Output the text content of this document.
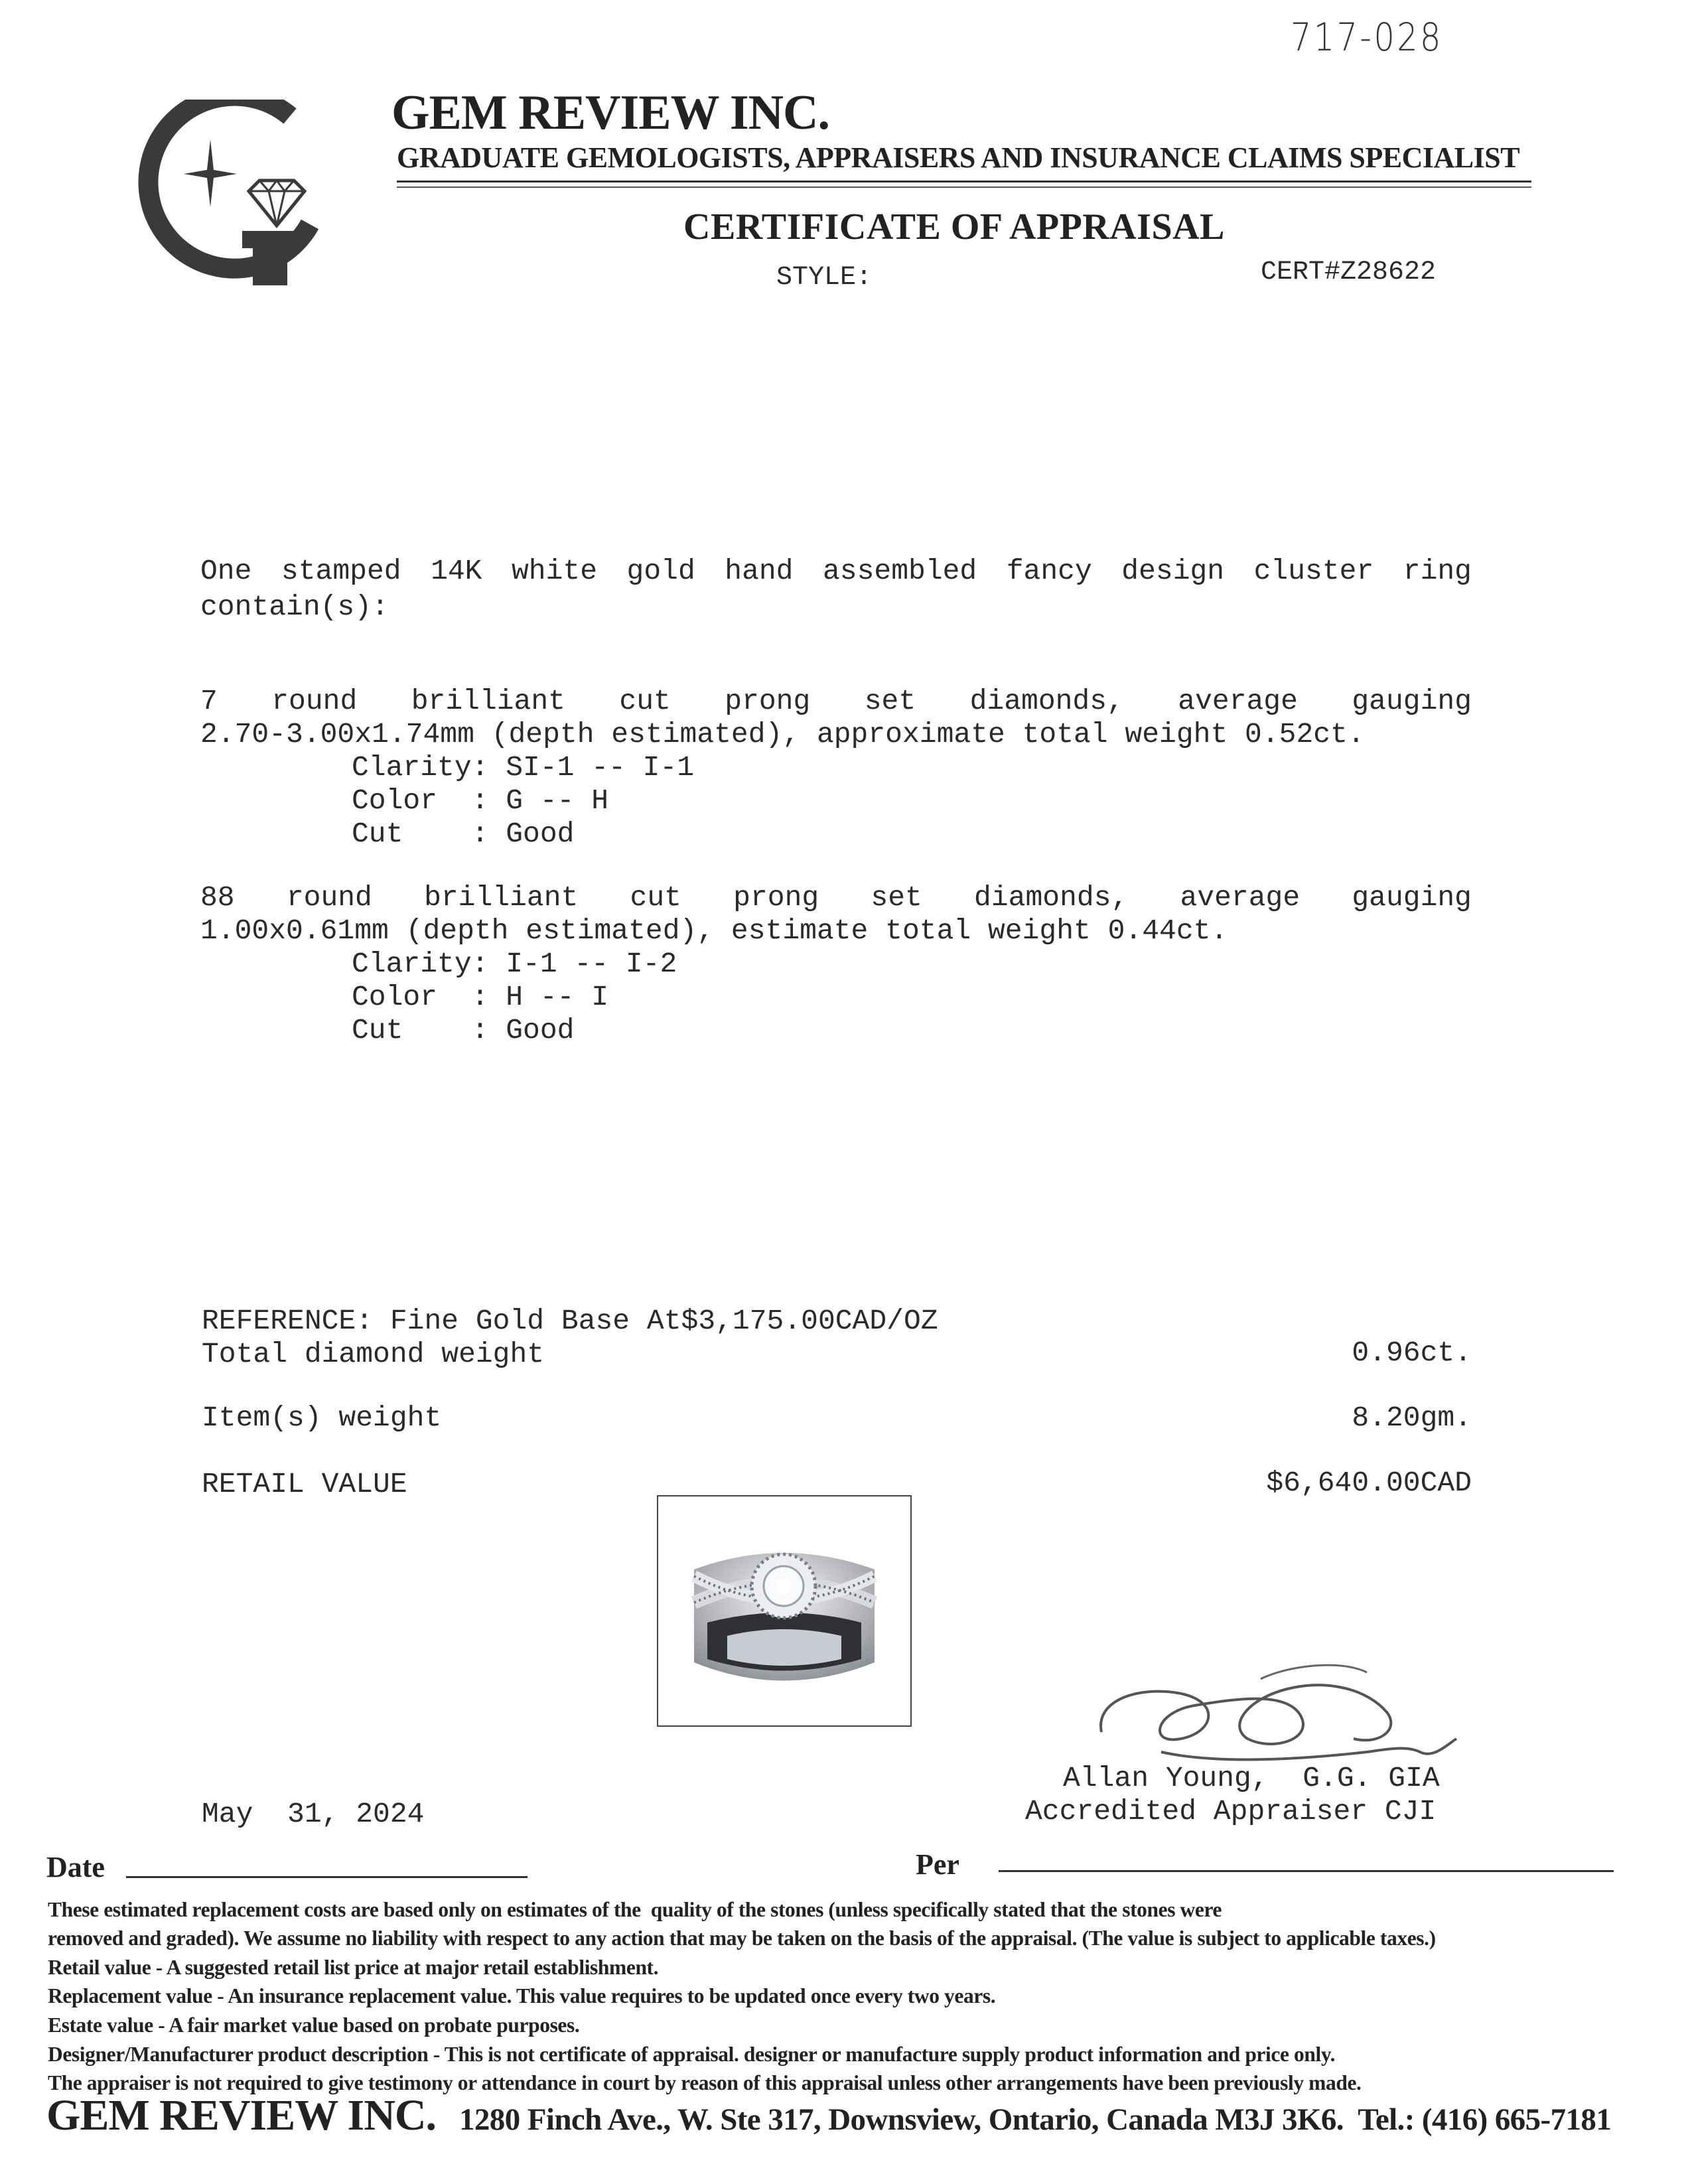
717-028
GEM REVIEW INC.
GRADUATE GEMOLOGISTS, APPRAISERS AND INSURANCE CLAIMS SPECIALIST
CERTIFICATE OF APPRAISAL
STYLE:	CERT#Z28622
One stamped 14K white gold hand assembled fancy design cluster ring
contain(s):
7 round brilliant cut prong set diamonds, average gauging
2.70-3.00x1.74mm (depth estimated), approximate total weight 0.52ct.
Clarity: SI-1 -- I-1
Color  : G -- H
Cut    : Good
88 round brilliant cut prong set diamonds, average gauging
1.00x0.61mm (depth estimated), estimate total weight 0.44ct.
Clarity: I-1 -- I-2
Color  : H -- I
Cut    : Good
REFERENCE: Fine Gold Base At$3,175.00CAD/OZ
Total diamond weight	0.96ct.
Item(s) weight	8.20gm.
RETAIL VALUE	$6,640.00CAD
Allan Young,  G.G. GIA
Accredited Appraiser CJI
May  31, 2024
Date	Per
These estimated replacement costs are based only on estimates of the  quality of the stones (unless specifically stated that the stones were
removed and graded). We assume no liability with respect to any action that may be taken on the basis of the appraisal. (The value is subject to applicable taxes.)
Retail value - A suggested retail list price at major retail establishment.
Replacement value - An insurance replacement value. This value requires to be updated once every two years.
Estate value - A fair market value based on probate purposes.
Designer/Manufacturer product description - This is not certificate of appraisal. designer or manufacture supply product information and price only.
The appraiser is not required to give testimony or attendance in court by reason of this appraisal unless other arrangements have been previously made.
GEM REVIEW INC. 1280 Finch Ave., W. Ste 317, Downsview, Ontario, Canada M3J 3K6.  Tel.: (416) 665-7181
